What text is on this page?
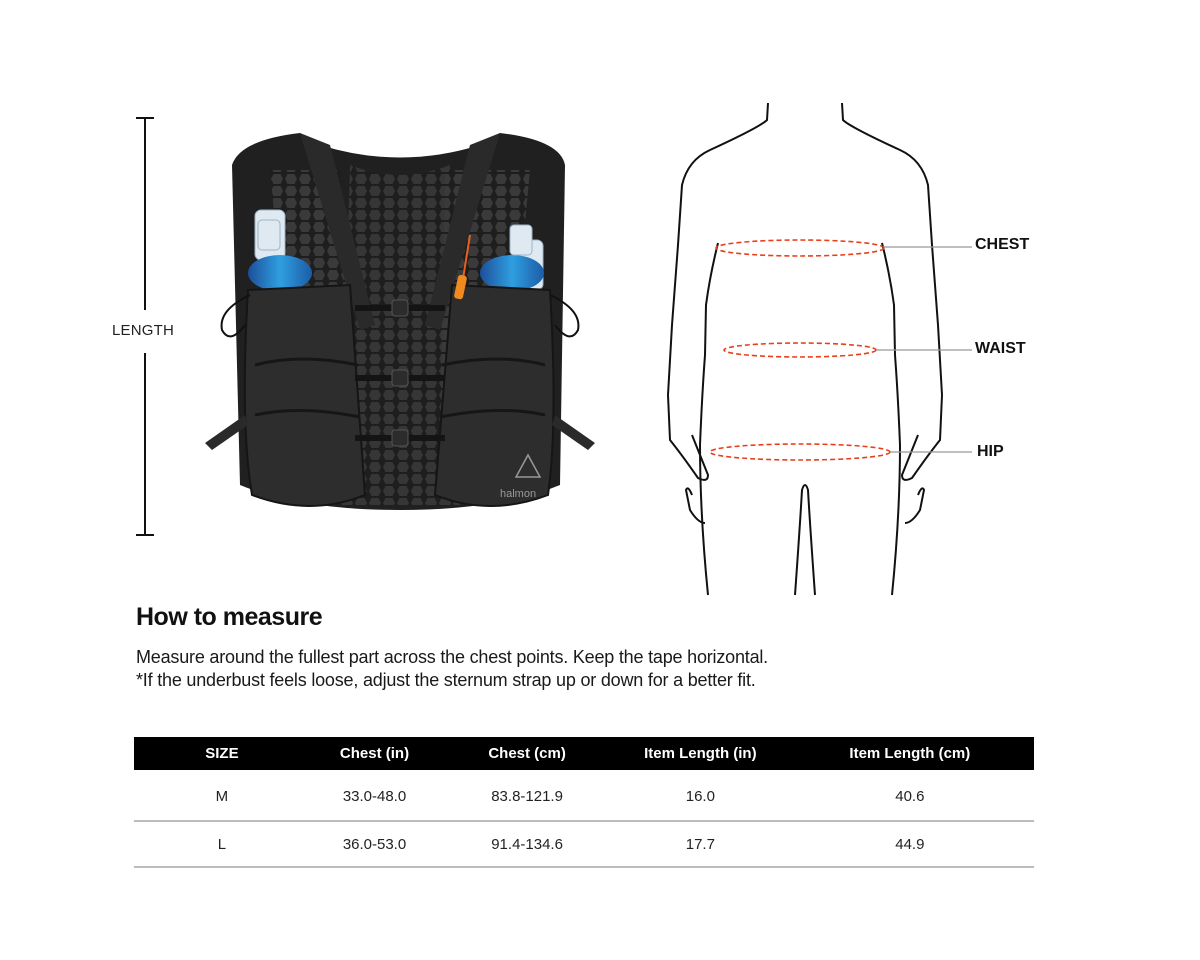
LENGTH
halmon
CHEST
WAIST
HIP
How to measure
Measure around the fullest part across the chest points. Keep the tape horizontal.
*If the underbust feels loose, adjust the sternum strap up or down for a better fit.
SIZE	Chest (in)	Chest (cm)	Item Length (in)	Item Length (cm)
M	33.0-48.0	83.8-121.9	16.0	40.6
L	36.0-53.0	91.4-134.6	17.7	44.9
